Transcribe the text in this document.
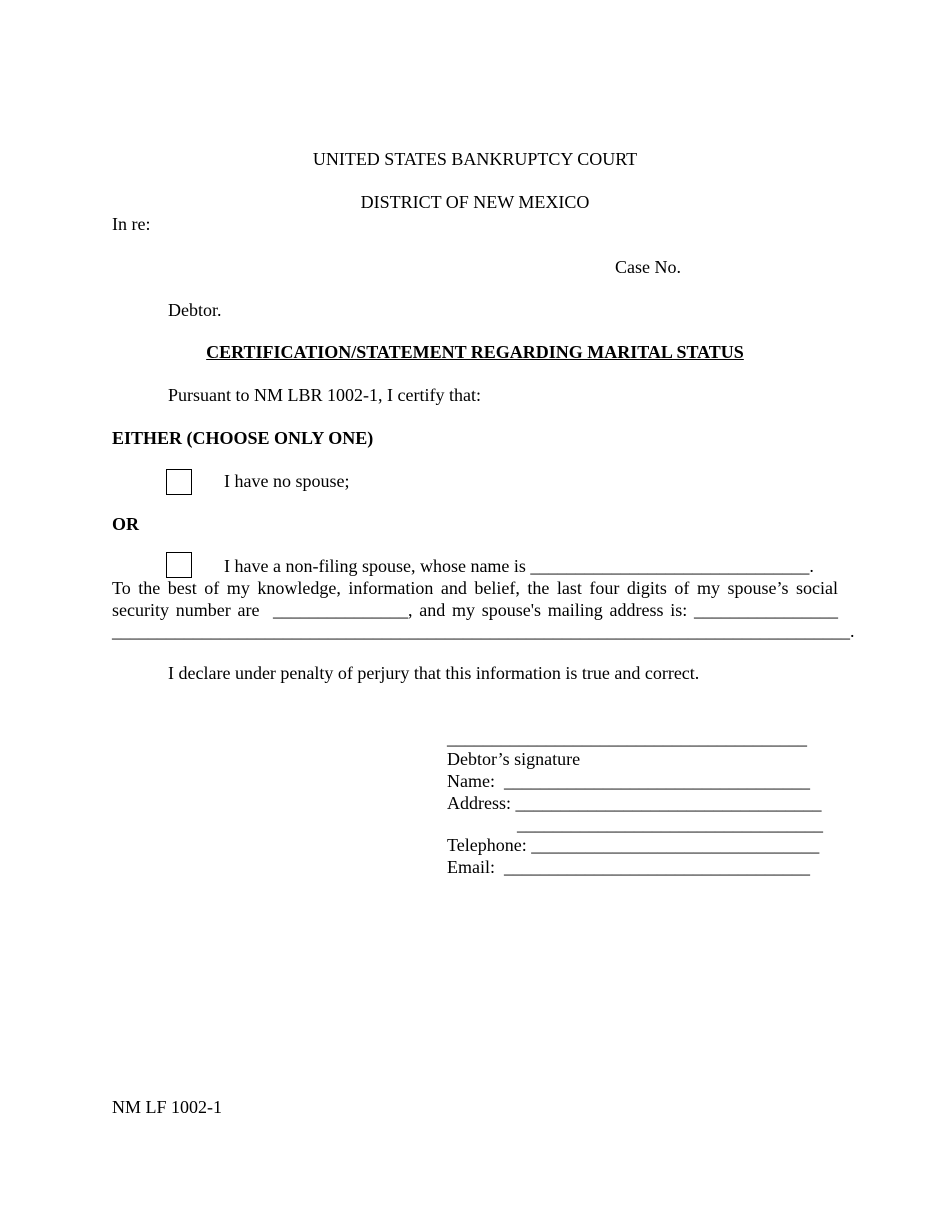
UNITED STATES BANKRUPTCY COURT
DISTRICT OF NEW MEXICO
In re:
Case No.
Debtor.
CERTIFICATION/STATEMENT REGARDING MARITAL STATUS
Pursuant to NM LBR 1002-1, I certify that:
EITHER (CHOOSE ONLY ONE)
I have no spouse;
OR
I have a non-filing spouse, whose name is _______________________________.
To the best of my knowledge, information and belief, the last four digits of my spouse’s social
security number are  _______________, and my spouse's mailing address is: ________________
__________________________________________________________________________________.
I declare under penalty of perjury that this information is true and correct.
________________________________________
Debtor’s signature
Name:  __________________________________
Address: __________________________________
__________________________________
Telephone: ________________________________
Email:  __________________________________
NM LF 1002-1
